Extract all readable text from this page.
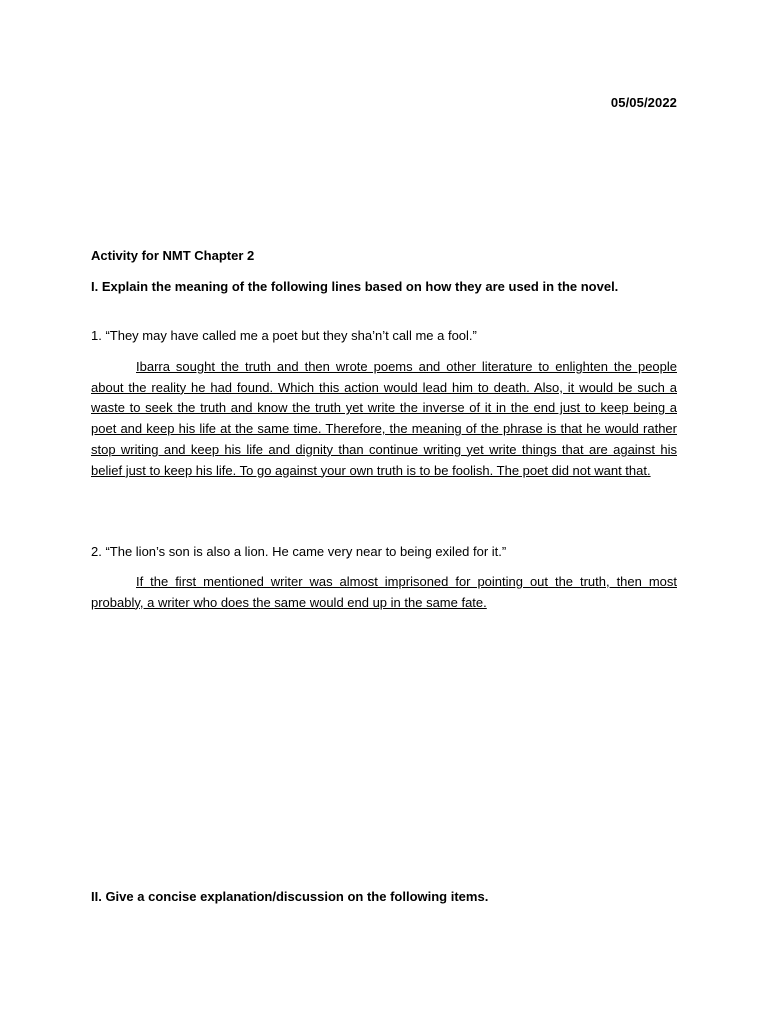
05/05/2022
Activity for NMT Chapter 2
I. Explain the meaning of the following lines based on how they are used in the novel.
1. “They may have called me a poet but they sha’n’t call me a fool.”

Ibarra sought the truth and then wrote poems and other literature to enlighten the people about the reality he had found. Which this action would lead him to death. Also, it would be such a waste to seek the truth and know the truth yet write the inverse of it in the end just to keep being a poet and keep his life at the same time. Therefore, the meaning of the phrase is that he would rather stop writing and keep his life and dignity than continue writing yet write things that are against his belief just to keep his life. To go against your own truth is to be foolish. The poet did not want that.

2. “The lion’s son is also a lion. He came very near to being exiled for it.”

If the first mentioned writer was almost imprisoned for pointing out the truth, then most probably, a writer who does the same would end up in the same fate.

II. Give a concise explanation/discussion on the following items.
